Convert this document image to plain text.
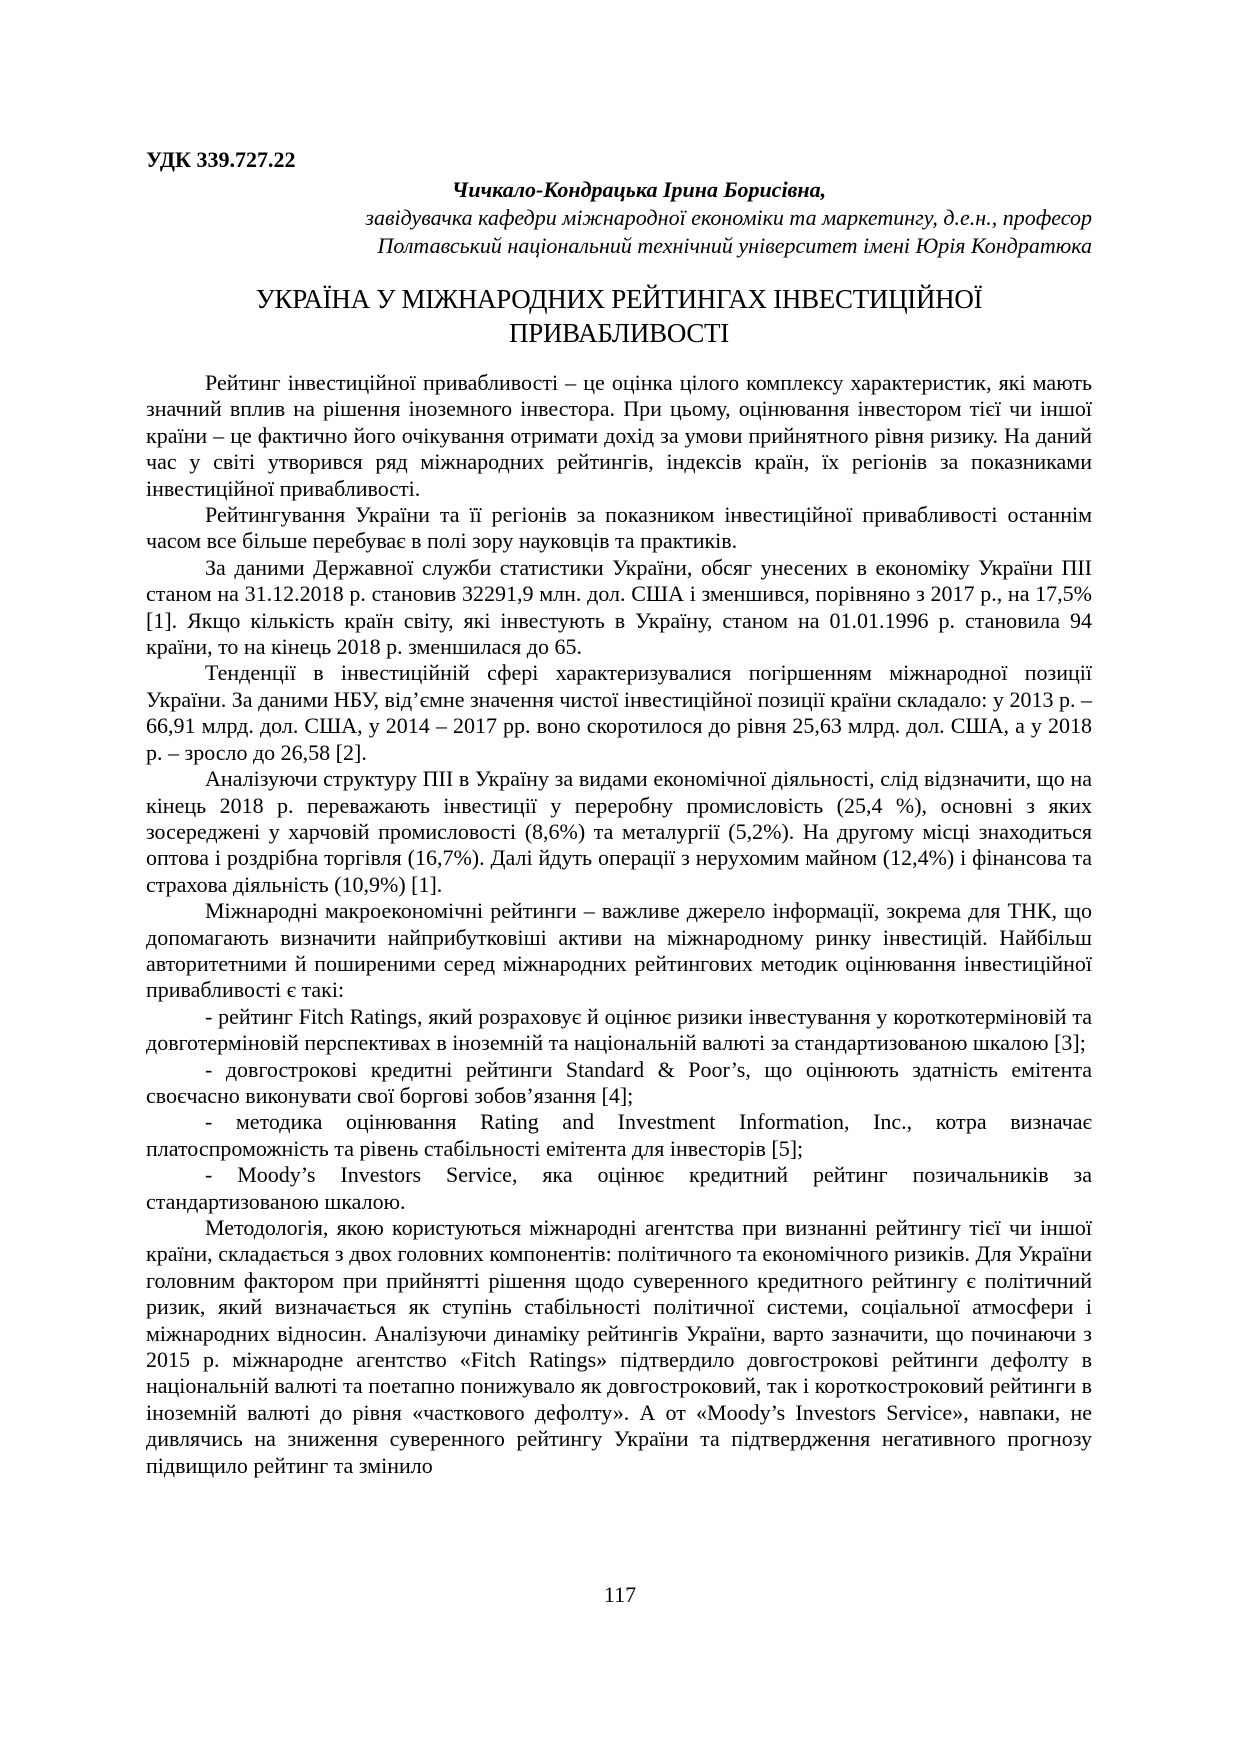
УДК 339.727.22

Чичкало-Кондрацька Ірина Борисівна,
завідувачка кафедри міжнародної економіки та маркетингу, д.е.н., професор
Полтавський національний технічний університет імені Юрія Кондратюка
УКРАЇНА У МІЖНАРОДНИХ РЕЙТИНГАХ ІНВЕСТИЦІЙНОЇ
ПРИВАБЛИВОСТІ

Рейтинг інвестиційної привабливості – це оцінка цілого комплексу характеристик, які мають значний вплив на рішення іноземного інвестора. При цьому, оцінювання інвестором тієї чи іншої країни – це фактично його очікування отримати дохід за умови прийнятного рівня ризику. На даний час у світі утворився ряд міжнародних рейтингів, індексів країн, їх регіонів за показниками інвестиційної привабливості.

Рейтингування України та її регіонів за показником інвестиційної привабливості останнім часом все більше перебуває в полі зору науковців та практиків.

За даними Державної служби статистики України, обсяг унесених в економіку України ПІІ станом на 31.12.2018 р. становив 32291,9 млн. дол. США і зменшився, порівняно з 2017 р., на 17,5% [1]. Якщо кількість країн світу, які інвестують в Україну, станом на 01.01.1996 р. становила 94 країни, то на кінець 2018 р. зменшилася до 65.

Тенденції в інвестиційній сфері характеризувалися погіршенням міжнародної позиції України. За даними НБУ, від’ємне значення чистої інвестиційної позиції країни складало: у 2013 р. – 66,91 млрд. дол. США, у 2014 – 2017 рр. воно скоротилося до рівня 25,63 млрд. дол. США, а у 2018 р. – зросло до 26,58 [2].

Аналізуючи структуру ПІІ в Україну за видами економічної діяльності, слід відзначити, що на кінець 2018 р. переважають інвестиції у переробну промисловість (25,4 %), основні з яких зосереджені у харчовій промисловості (8,6%) та металургії (5,2%). На другому місці знаходиться оптова і роздрібна торгівля (16,7%). Далі йдуть операції з нерухомим майном (12,4%) і фінансова та страхова діяльність (10,9%) [1].

Міжнародні макроекономічні рейтинги – важливе джерело інформації, зокрема для ТНК, що допомагають визначити найприбутковіші активи на міжнародному ринку інвестицій. Найбільш авторитетними й поширеними серед міжнародних рейтингових методик оцінювання інвестиційної привабливості є такі:

- рейтинг Fitch Ratings, який розраховує й оцінює ризики інвестування у короткотерміновій та довготерміновій перспективах в іноземній та національній валюті за стандартизованою шкалою [3];

- довгострокові кредитні рейтинги Standard & Poor’s, що оцінюють здатність емітента своєчасно виконувати свої боргові зобов’язання [4];

- методика оцінювання Rating and Investment Information, Inc., котра визначає платоспроможність та рівень стабільності емітента для інвесторів [5];

- Moody’s Investors Service, яка оцінює кредитний рейтинг позичальників за стандартизованою шкалою.

Методологія, якою користуються міжнародні агентства при визнанні рейтингу тієї чи іншої країни, складається з двох головних компонентів: політичного та економічного ризиків. Для України головним фактором при прийнятті рішення щодо суверенного кредитного рейтингу є політичний ризик, який визначається як ступінь стабільності політичної системи, соціальної атмосфери і міжнародних відносин. Аналізуючи динаміку рейтингів України, варто зазначити, що починаючи з 2015 р. міжнародне агентство «Fitch Ratings» підтвердило довгострокові рейтинги дефолту в національній валюті та поетапно понижувало як довгостроковий, так і короткостроковий рейтинги в іноземній валюті до рівня «часткового дефолту». А от «Moody’s Investors Service», навпаки, не дивлячись на зниження суверенного рейтингу України та підтвердження негативного прогнозу підвищило рейтинг та змінило

117
